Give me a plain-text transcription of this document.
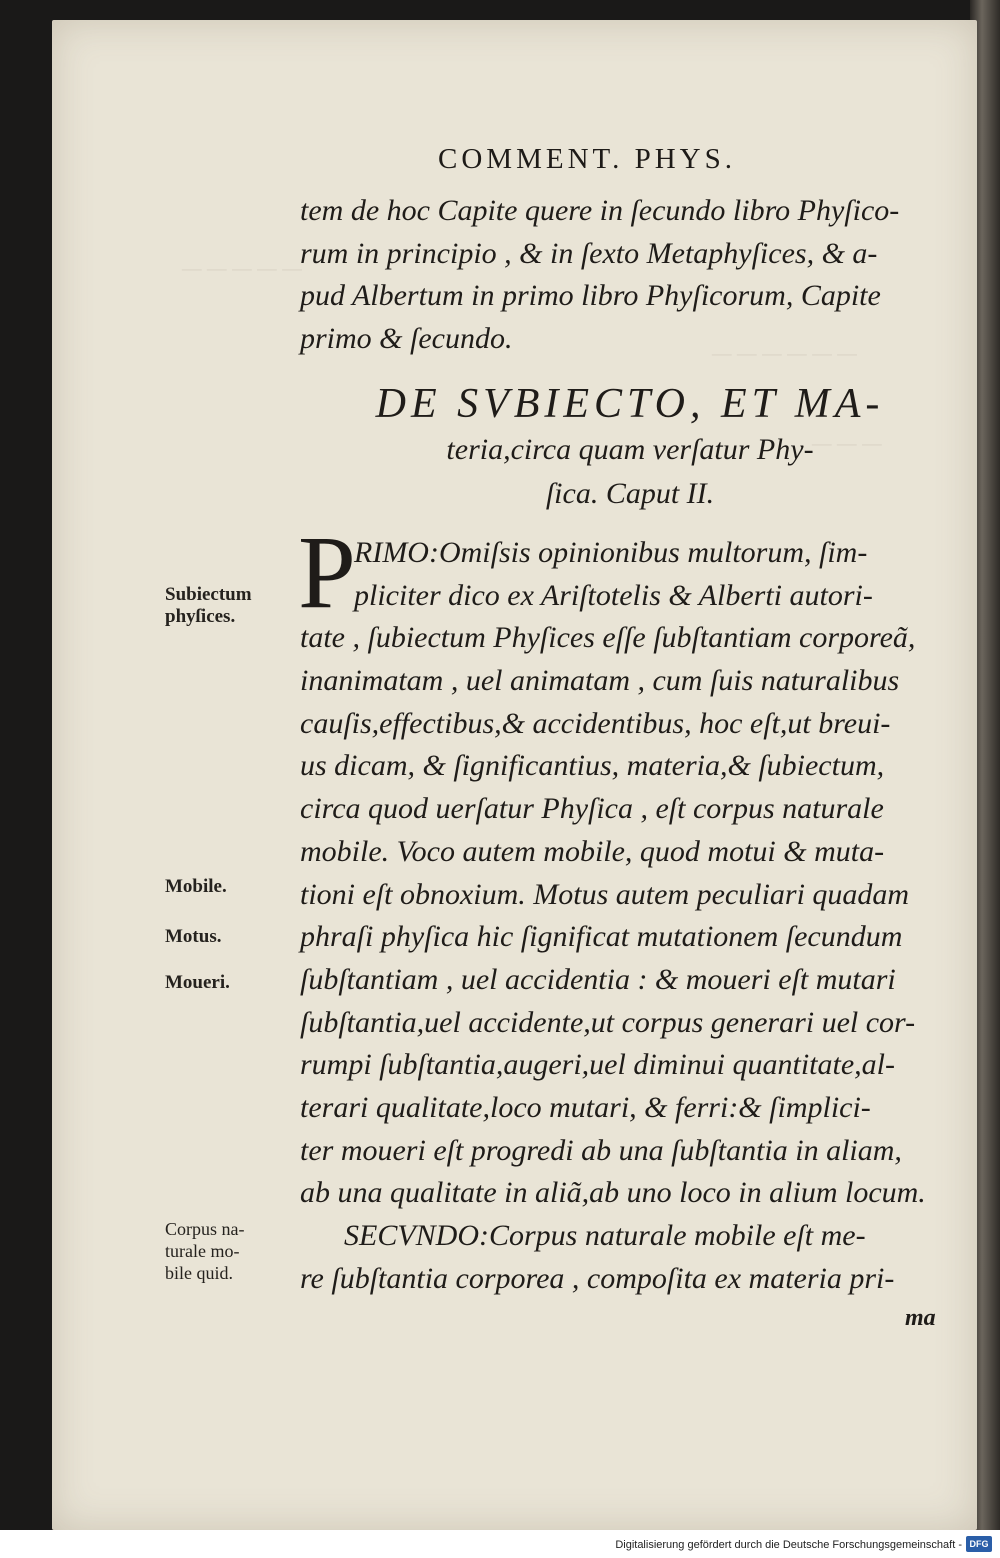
— — — — —
— — — — — —
— — —
COMMENT. PHYS.
tem de hoc Capite quere in ſecundo libro Phyſico-
rum in principio , & in ſexto Metaphyſices, & a-
pud Albertum in primo libro Phyſicorum, Capite
primo & ſecundo.
DE SVBIECTO, ET MA-
teria,circa quam verſatur Phy-
ſica. Caput II.
P
RIMO:Omiſsis opinionibus multorum, ſim-
pliciter dico ex Ariſtotelis & Alberti autori-
tate , ſubiectum Phyſices eſſe ſubſtantiam corporeã,
inanimatam , uel animatam , cum ſuis naturalibus
cauſis,effectibus,& accidentibus, hoc eſt,ut breui-
us dicam, & ſignificantius, materia,& ſubiectum,
circa quod uerſatur Phyſica , eſt corpus naturale
mobile. Voco autem mobile, quod motui & muta-
tioni eſt obnoxium. Motus autem peculiari quadam
phraſi phyſica hic ſignificat mutationem ſecundum
ſubſtantiam , uel accidentia : & moueri eſt mutari
ſubſtantia,uel accidente,ut corpus generari uel cor-
rumpi ſubſtantia,augeri,uel diminui quantitate,al-
terari qualitate,loco mutari, & ferri:& ſimplici-
ter moueri eſt progredi ab una ſubſtantia in aliam,
ab una qualitate in aliã,ab uno loco in alium locum.
SECVNDO:Corpus naturale mobile eſt me-
re ſubſtantia corporea , compoſita ex materia pri-
ma
Subiectum
phyſices.
Mobile.
Motus.
Moueri.
Corpus na-
turale mo-
bile quid.
Digitalisierung gefördert durch die Deutsche Forschungsgemeinschaft - DFG
